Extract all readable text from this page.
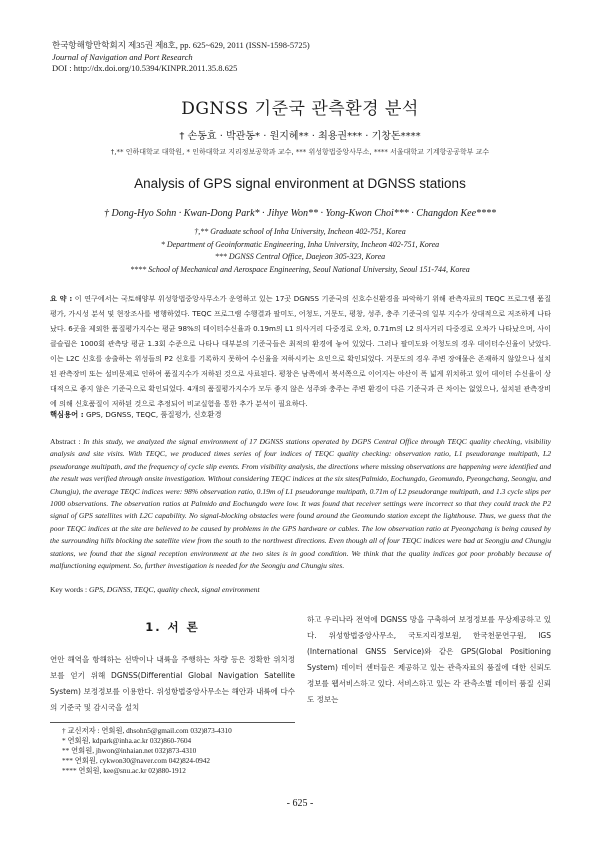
한국항해항만학회지 제35권 제8호, pp. 625~629, 2011 (ISSN-1598-5725)
Journal of Navigation and Port Research
DOI : http://dx.doi.org/10.5394/KINPR.2011.35.8.625
DGNSS 기준국 관측환경 분석
† 손동효 · 박관동* · 원지혜** · 최용권*** · 기창돈****
†,** 인하대학교 대학원, * 인하대학교 지리정보공학과 교수, *** 위성항법중앙사무소, **** 서울대학교 기계항공공학부 교수
Analysis of GPS signal environment at DGNSS stations
† Dong-Hyo Sohn · Kwan-Dong Park* · Jihye Won** · Yong-Kwon Choi*** · Changdon Kee****
†,** Graduate school of Inha University, Incheon 402-751, Korea
* Department of Geoinformatic Engineering, Inha University, Incheon 402-751, Korea
*** DGNSS Central Office, Daejeon 305-323, Korea
**** School of Mechanical and Aerospace Engineering, Seoul National University, Seoul 151-744, Korea
요 약 : 이 연구에서는 국토해양부 위성항법중앙사무소가 운영하고 있는 17곳 DGNSS 기준국의 신호수신환경을 파악하기 위해 관측자료의 TEQC 프로그램 품질평가, 가시성 분석 및 현장조사를 병행하였다. TEQC 프로그램 수행결과 팔미도, 어청도, 거문도, 평창, 성주, 충주 기준국의 일부 지수가 상대적으로 저조하게 나타났다. 6곳을 제외한 품질평가지수는 평균 98%의 데이터수신율과 0.19m의 L1 의사거리 다중경로 오차, 0.71m의 L2 의사거리 다중경로 오차가 나타났으며, 사이클슬립은 1000회 관측당 평균 1.3회 수준으로 나타나 대부분의 기준국들은 최적의 환경에 놓여 있었다. 그러나 팔미도와 어청도의 경우 데이터수신율이 낮았다. 이는 L2C 신호를 송출하는 위성들의 P2 신호를 기록하지 못하여 수신율을 저하시키는 요인으로 확인되었다. 거문도의 경우 주변 장애물은 존재하지 않았으나 설치된 관측장비 또는 설비문제로 인하여 품질지수가 저하된 것으로 사료된다. 평창은 남쪽에서 북서쪽으로 이어지는 야산이 폭 넓게 위치하고 있어 데이터 수신율이 상대적으로 좋지 않은 기준국으로 확인되었다. 4개의 품질평가지수가 모두 좋지 않은 성주와 충주는 주변 환경이 다른 기준국과 큰 차이는 없었으나, 설치된 관측장비에 의해 신호품질이 저하된 것으로 추정되어 비교실험을 통한 추가 분석이 필요하다.
핵심용어 : GPS, DGNSS, TEQC, 품질평가, 신호환경
Abstract : In this study, we analyzed the signal environment of 17 DGNSS stations operated by DGPS Central Office through TEQC quality checking, visibility analysis and site visits. With TEQC, we produced times series of four indices of TEQC quality checking: observation ratio, L1 pseudorange multipath, L2 pseudorange multipath, and the frequency of cycle slip events. From visibility analysis, the directions where missing observations are happening were identified and the result was verified through onsite investigation. Without considering TEQC indices at the six sites(Palmido, Eochungdo, Geomundo, Pyeongchang, Seongju, and Chungju), the average TEQC indices were: 98% observation ratio, 0.19m of L1 pseudorange multipath, 0.71m of L2 pseudorange multipath, and 1.3 cycle slips per 1000 observations. The observation ratios at Palmido and Eochungdo were low. It was found that receiver settings were incorrect so that they could track the P2 signal of GPS satellites with L2C capability. No signal-blocking obstacles were found around the Geomundo station except the lighthouse. Thus, we guess that the poor TEQC indices at the site are believed to be caused by problems in the GPS hardware or cables. The low observation ratio at Pyeongchang is being caused by the surrounding hills blocking the satellite view from the south to the northwest directions. Even though all of four TEQC indices were bad at Seongju and Chungju stations, we found that the signal reception environment at the two sites is in good condition. We think that the quality indices got poor probably because of malfunctioning equipment. So, further investigation is needed for the Seongju and Chungju sites.
Key words : GPS, DGNSS, TEQC, quality check, signal environment
1. 서 론
연안 해역을 항해하는 선박이나 내륙을 주행하는 차량 등은 정확한 위치정보를 얻기 위해 DGNSS(Differential Global Navigation Satellite System) 보정정보를 이용한다. 위성항법중앙사무소는 해안과 내륙에 다수의 기준국 및 감시국을 설치
하고 우리나라 전역에 DGNSS 망을 구축하여 보정정보를 무상제공하고 있다. 위성항법중앙사무소, 국토지리정보원, 한국천문연구원, IGS (International GNSS Service)와 같은 GPS(Global Positioning System) 데이터 센터들은 제공하고 있는 관측자료의 품질에 대한 신뢰도 정보를 웹서비스하고 있다. 서비스하고 있는 각 관측소별 데이터 품질 신뢰도 정보는
† 교신저자 : 연회원, dhsohn5@gmail.com 032)873-4310
* 연회원, kdpark@inha.ac.kr 032)860-7604
** 연회원, jhwon@inhaian.net 032)873-4310
*** 연회원, cykwon30@naver.com 042)824-0942
**** 연회원, kee@snu.ac.kr 02)880-1912
- 625 -
